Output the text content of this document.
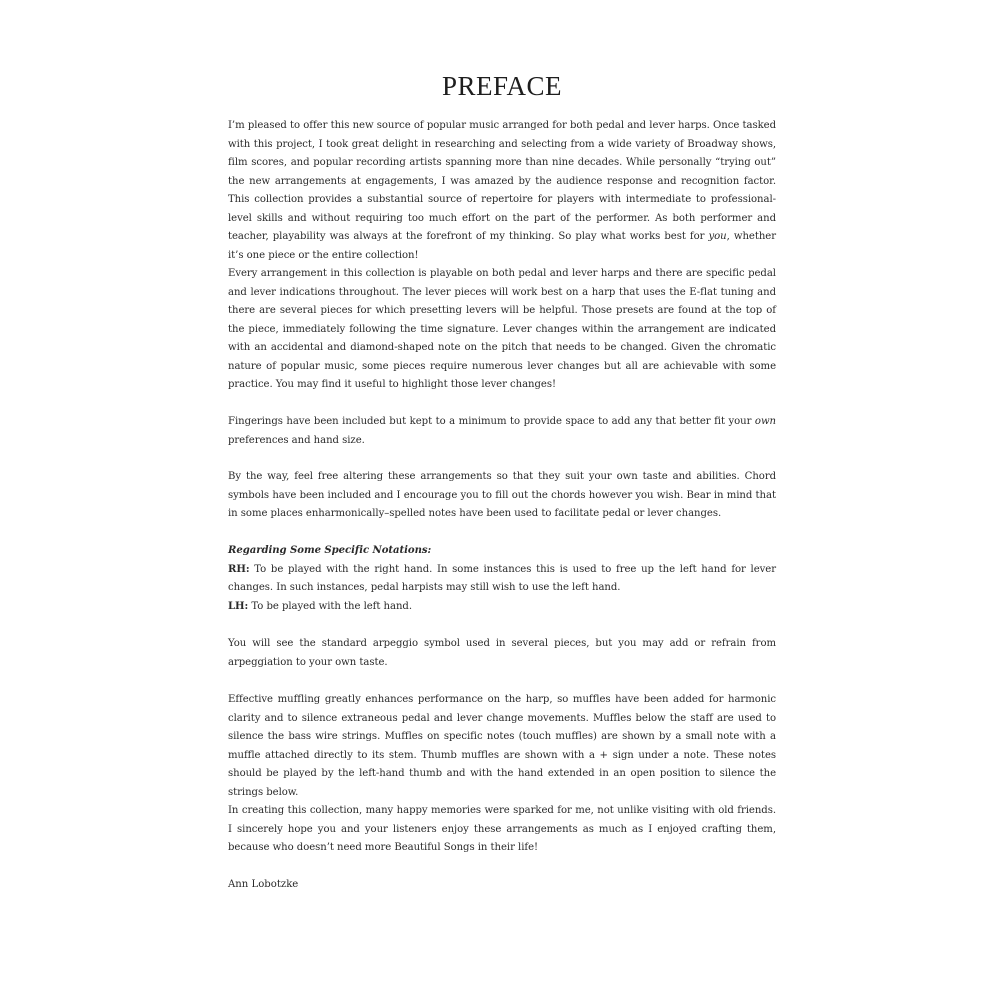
PREFACE

I’m pleased to offer this new source of popular music arranged for both pedal and lever harps. Once tasked with this project, I took great delight in researching and selecting from a wide variety of Broadway shows, film scores, and popular recording artists spanning more than nine decades. While personally “trying out” the new arrangements at engagements, I was amazed by the audience response and recognition factor. This collection provides a substantial source of repertoire for players with intermediate to professional-level skills and without requiring too much effort on the part of the performer. As both performer and teacher, playability was always at the forefront of my thinking. So play what works best for you, whether it’s one piece or the entire collection!

Every arrangement in this collection is playable on both pedal and lever harps and there are specific pedal and lever indications throughout. The lever pieces will work best on a harp that uses the E-flat tuning and there are several pieces for which presetting levers will be helpful. Those presets are found at the top of the piece, immediately following the time signature. Lever changes within the arrangement are indicated with an accidental and diamond-shaped note on the pitch that needs to be changed. Given the chromatic nature of popular music, some pieces require numerous lever changes but all are achievable with some practice. You may find it useful to highlight those lever changes!

Fingerings have been included but kept to a minimum to provide space to add any that better fit your own preferences and hand size.

By the way, feel free altering these arrangements so that they suit your own taste and abilities. Chord symbols have been included and I encourage you to fill out the chords however you wish. Bear in mind that in some places enharmonically–spelled notes have been used to facilitate pedal or lever changes.

Regarding Some Specific Notations:
RH: To be played with the right hand. In some instances this is used to free up the left hand for lever changes. In such instances, pedal harpists may still wish to use the left hand.
LH: To be played with the left hand.

You will see the standard arpeggio symbol used in several pieces, but you may add or refrain from arpeggiation to your own taste.

Effective muffling greatly enhances performance on the harp, so muffles have been added for harmonic clarity and to silence extraneous pedal and lever change movements. Muffles below the staff are used to silence the bass wire strings. Muffles on specific notes (touch muffles) are shown by a small note with a muffle attached directly to its stem. Thumb muffles are shown with a + sign under a note. These notes should be played by the left-hand thumb and with the hand extended in an open position to silence the strings below.

In creating this collection, many happy memories were sparked for me, not unlike visiting with old friends. I sincerely hope you and your listeners enjoy these arrangements as much as I enjoyed crafting them, because who doesn’t need more Beautiful Songs in their life!

Ann Lobotzke
